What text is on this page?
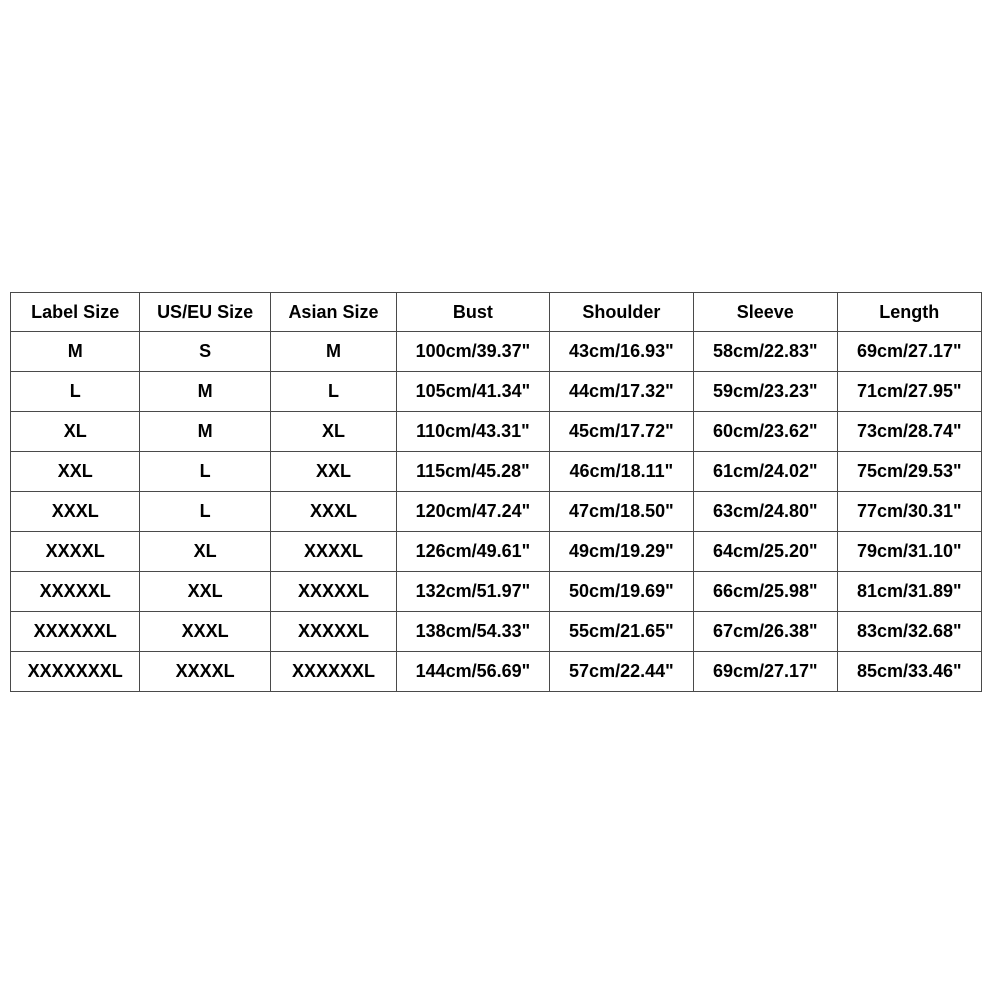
Label Size	US/EU Size	Asian Size	Bust	Shoulder	Sleeve	Length
M	S	M	100cm/39.37"	43cm/16.93"	58cm/22.83"	69cm/27.17"
L	M	L	105cm/41.34"	44cm/17.32"	59cm/23.23"	71cm/27.95"
XL	M	XL	110cm/43.31"	45cm/17.72"	60cm/23.62"	73cm/28.74"
XXL	L	XXL	115cm/45.28"	46cm/18.11"	61cm/24.02"	75cm/29.53"
XXXL	L	XXXL	120cm/47.24"	47cm/18.50"	63cm/24.80"	77cm/30.31"
XXXXL	XL	XXXXL	126cm/49.61"	49cm/19.29"	64cm/25.20"	79cm/31.10"
XXXXXL	XXL	XXXXXL	132cm/51.97"	50cm/19.69"	66cm/25.98"	81cm/31.89"
XXXXXXL	XXXL	XXXXXL	138cm/54.33"	55cm/21.65"	67cm/26.38"	83cm/32.68"
XXXXXXXL	XXXXL	XXXXXXL	144cm/56.69"	57cm/22.44"	69cm/27.17"	85cm/33.46"
